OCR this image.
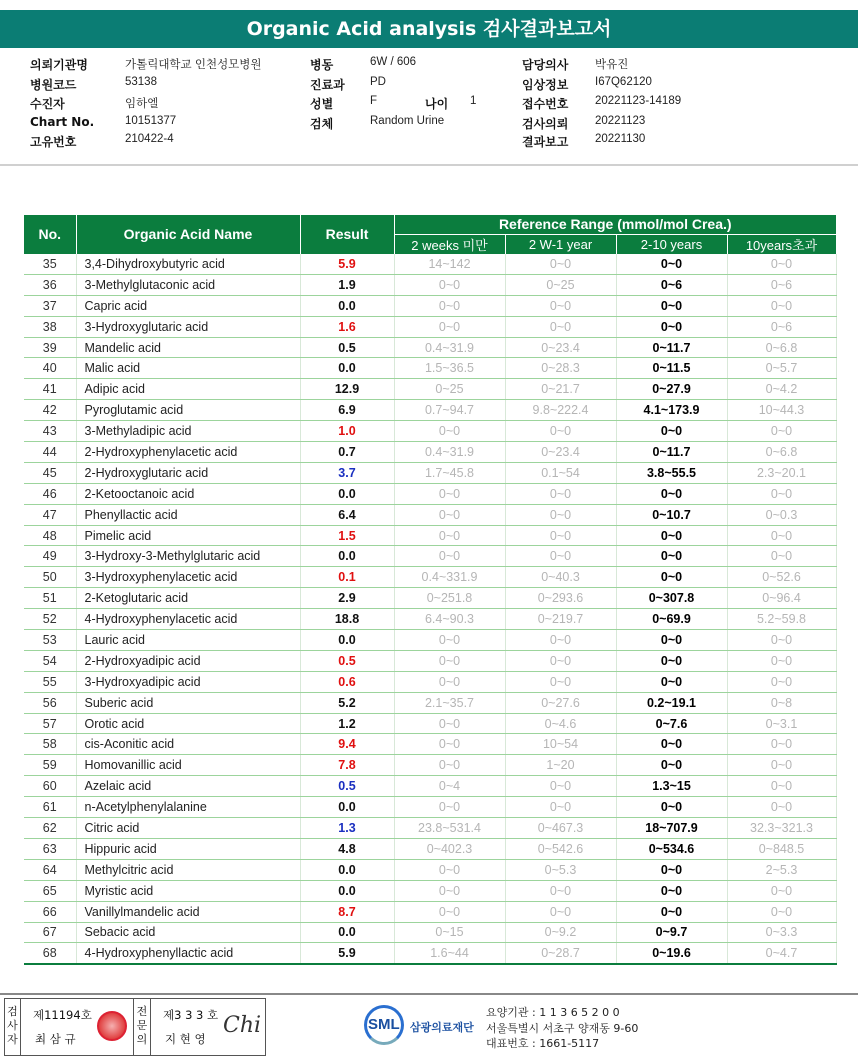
Organic Acid analysis 검사결과보고서
의뢰기관명	가톨릭대학교 인천성모병원	병동	6W / 606	담당의사 박유진
병원코드	53138	진료과 PD	임상정보 I67Q62120
수진자	임하엘	성별	F	나이 1	접수번호 20221123-14189
Chart No.	10151377	검체	Random Urine	검사의뢰 20221123
고유번호	210422-4	결과보고 20221130
No.	Organic Acid Name	Result	Reference Range (mmol/mol Crea.)			
			2 weeks 미만	2 W-1 year	2-10 years	10years초과
35	3,4-Dihydroxybutyric acid	5.9	14~142	0~0	0~0	0~0
36	3-Methylglutaconic acid	1.9	0~0	0~25	0~6	0~6
37	Capric acid	0.0	0~0	0~0	0~0	0~0
38	3-Hydroxyglutaric acid	1.6	0~0	0~0	0~0	0~6
39	Mandelic acid	0.5	0.4~31.9	0~23.4	0~11.7	0~6.8
40	Malic acid	0.0	1.5~36.5	0~28.3	0~11.5	0~5.7
41	Adipic acid	12.9	0~25	0~21.7	0~27.9	0~4.2
42	Pyroglutamic acid	6.9	0.7~94.7	9.8~222.4	4.1~173.9	10~44.3
43	3-Methyladipic acid	1.0	0~0	0~0	0~0	0~0
44	2-Hydroxyphenylacetic acid	0.7	0.4~31.9	0~23.4	0~11.7	0~6.8
45	2-Hydroxyglutaric acid	3.7	1.7~45.8	0.1~54	3.8~55.5	2.3~20.1
46	2-Ketooctanoic acid	0.0	0~0	0~0	0~0	0~0
47	Phenyllactic acid	6.4	0~0	0~0	0~10.7	0~0.3
48	Pimelic acid	1.5	0~0	0~0	0~0	0~0
49	3-Hydroxy-3-Methylglutaric acid	0.0	0~0	0~0	0~0	0~0
50	3-Hydroxyphenylacetic acid	0.1	0.4~331.9	0~40.3	0~0	0~52.6
51	2-Ketoglutaric acid	2.9	0~251.8	0~293.6	0~307.8	0~96.4
52	4-Hydroxyphenylacetic acid	18.8	6.4~90.3	0~219.7	0~69.9	5.2~59.8
53	Lauric acid	0.0	0~0	0~0	0~0	0~0
54	2-Hydroxyadipic acid	0.5	0~0	0~0	0~0	0~0
55	3-Hydroxyadipic acid	0.6	0~0	0~0	0~0	0~0
56	Suberic acid	5.2	2.1~35.7	0~27.6	0.2~19.1	0~8
57	Orotic acid	1.2	0~0	0~4.6	0~7.6	0~3.1
58	cis-Aconitic acid	9.4	0~0	10~54	0~0	0~0
59	Homovanillic acid	7.8	0~0	1~20	0~0	0~0
60	Azelaic acid	0.5	0~4	0~0	1.3~15	0~0
61	n-Acetylphenylalanine	0.0	0~0	0~0	0~0	0~0
62	Citric acid	1.3	23.8~531.4	0~467.3	18~707.9	32.3~321.3
63	Hippuric acid	4.8	0~402.3	0~542.6	0~534.6	0~848.5
64	Methylcitric acid	0.0	0~0	0~5.3	0~0	2~5.3
65	Myristic acid	0.0	0~0	0~0	0~0	0~0
66	Vanillylmandelic acid	8.7	0~0	0~0	0~0	0~0
67	Sebacic acid	0.0	0~15	0~9.2	0~9.7	0~3.3
68	4-Hydroxyphenyllactic acid	5.9	1.6~44	0~28.7	0~19.6	0~4.7
검
사
자
제11194호
최 삼 규
전
문
의
제3 3 3 호
지 현 영
Chi	SML 삼광의료재단
요양기관 : 1 1 3 6 5 2 0 0
서울특별시 서초구 양재동 9-60
대표번호 : 1661-5117
